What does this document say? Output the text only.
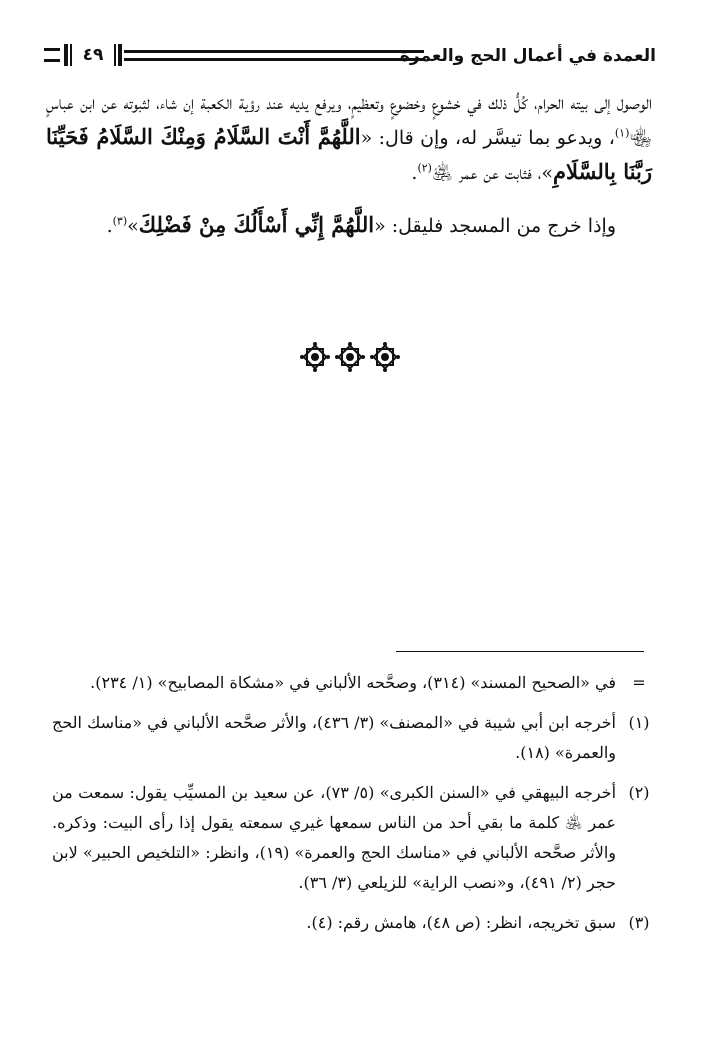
العمدة في أعمال الحج والعمرة
٤٩

الوصول إلى بيته الحرام، كُلُّ ذلك في خشوعٍ وخضوعٍ وتعظيمٍ، ويرفع يديه عند رؤية الكعبة إن شاء، لثبوته عن ابن عباسٍ ﵄$^{(١)}$، ويدعو بما تيسَّر له، وإن قال: «اللَّهُمَّ أَنْتَ السَّلَامُ وَمِنْكَ السَّلَامُ فَحَيِّنَا رَبَّنَا بِالسَّلَامِ»، فثابت عن عمر ﵁$^{(٢)}$.

وإذا خرج من المسجد فليقل: «اللَّهُمَّ إِنِّي أَسْأَلُكَ مِنْ فَضْلِكَ»$^{(٣)}$.

=
في «الصحيح المسند» (٣١٤)، وصحَّحه الألباني في «مشكاة المصابيح» (١/ ٢٣٤).
(١)
أخرجه ابن أبي شيبة في «المصنف» (٣/ ٤٣٦)، والأثر صحَّحه الألباني في «مناسك الحج والعمرة» (١٨).
(٢)
أخرجه البيهقي في «السنن الكبرى» (٥/ ٧٣)، عن سعيد بن المسيِّب يقول: سمعت من عمر ﵁ كلمة ما بقي أحد من الناس سمعها غيري سمعته يقول إذا رأى البيت: وذكره. والأثر صحَّحه الألباني في «مناسك الحج والعمرة» (١٩)، وانظر: «التلخيص الحبير» لابن حجر (٢/ ٤٩١)، و«نصب الراية» للزيلعي (٣/ ٣٦).
(٣)
سبق تخريجه، انظر: (ص ٤٨)، هامش رقم: (٤).
